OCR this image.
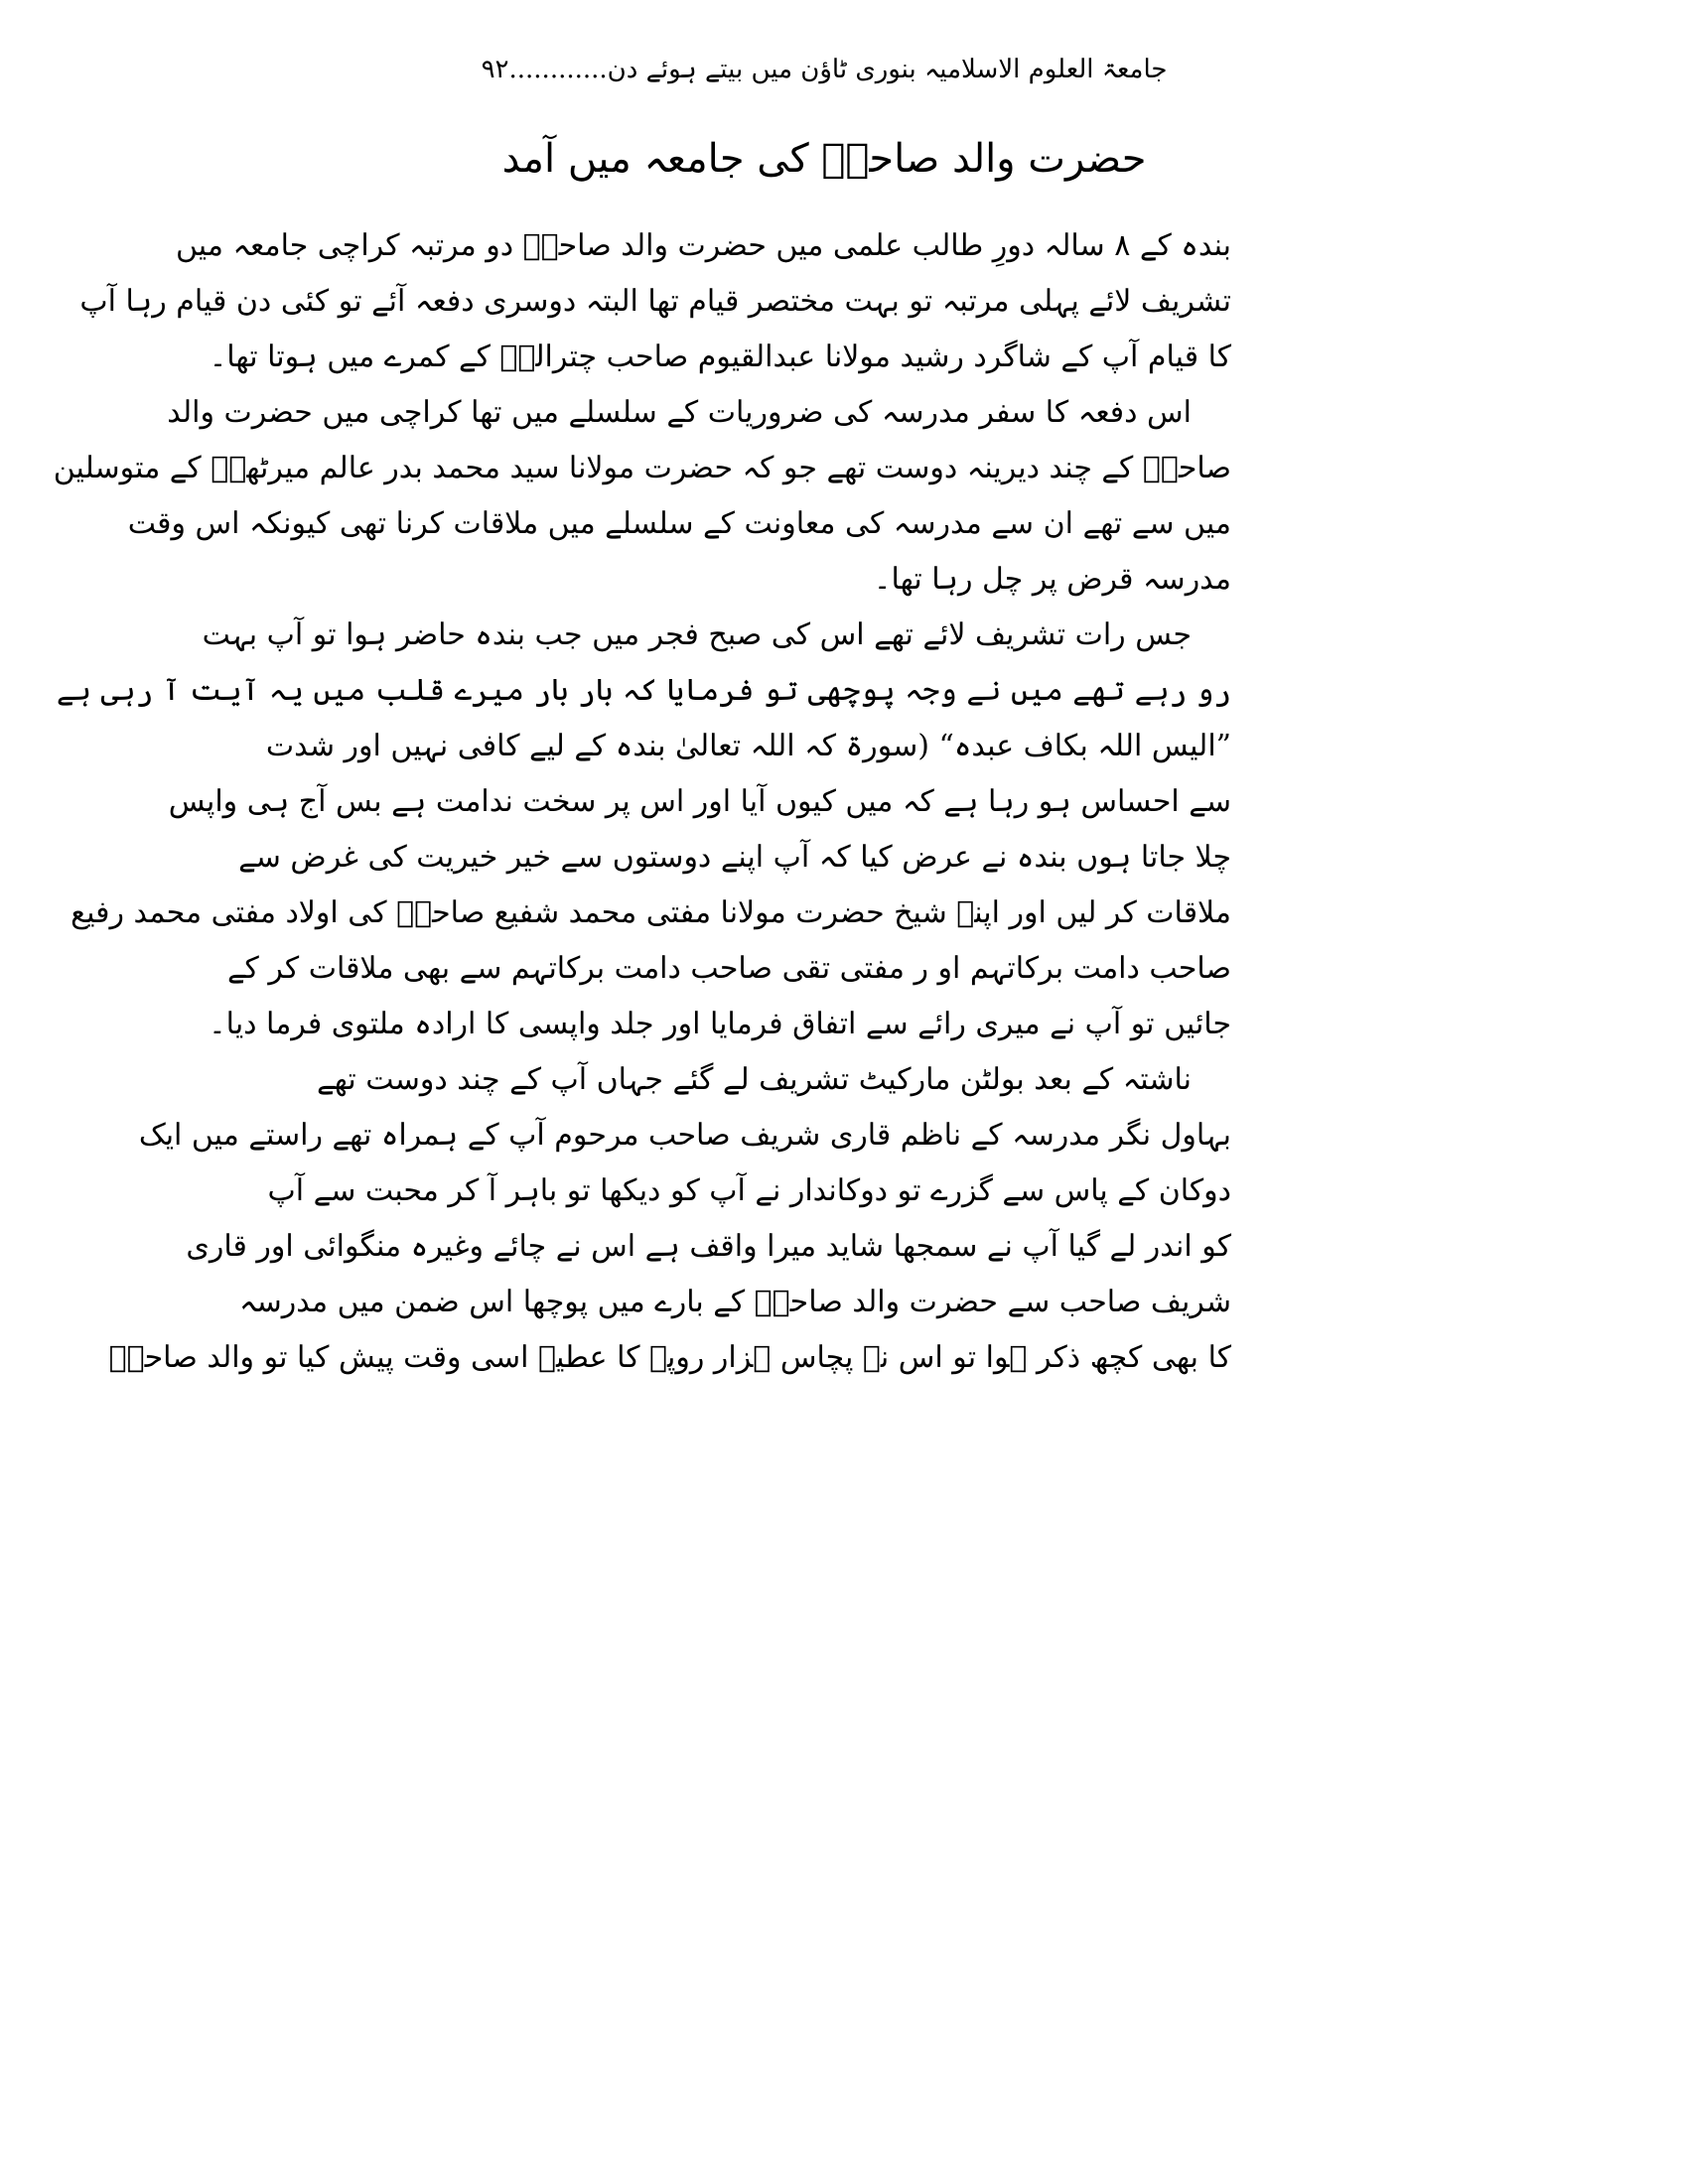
جامعۃ العلوم الاسلامیہ بنوری ٹاؤن میں بیتے ہوئے دن............۹۲
حضرت والد صاحبؒ کی جامعہ میں آمد

بندہ کے ۸ سالہ دورِ طالب علمی میں حضرت والد صاحبؒ دو مرتبہ کراچی جامعہ میں
تشریف لائے پہلی مرتبہ تو بہت مختصر قیام تھا البتہ دوسری دفعہ آئے تو کئی دن قیام رہا آپ
کا قیام آپ کے شاگرد رشید مولانا عبدالقیوم صاحب چترالیؒ کے کمرے میں ہوتا تھا۔

اس دفعہ کا سفر مدرسہ کی ضروریات کے سلسلے میں تھا کراچی میں حضرت والد
صاحبؒ کے چند دیرینہ دوست تھے جو کہ حضرت مولانا سید محمد بدر عالم میرٹھیؒ کے متوسلین
میں سے تھے ان سے مدرسہ کی معاونت کے سلسلے میں ملاقات کرنا تھی کیونکہ اس وقت
مدرسہ قرض پر چل رہا تھا۔

جس رات تشریف لائے تھے اس کی صبح فجر میں جب بندہ حاضر ہوا تو آپ بہت
رو رہے تھے میں نے وجہ پوچھی تو فرمایا کہ بار بار میرے قلب میں یہ آیت آ رہی ہے
”الیس اللہ بکاف عبدہ“ (سورۃ کہ اللہ تعالیٰ بندہ کے لیے کافی نہیں اور شدت
سے احساس ہو رہا ہے کہ میں کیوں آیا اور اس پر سخت ندامت ہے بس آج ہی واپس
چلا جاتا ہوں بندہ نے عرض کیا کہ آپ اپنے دوستوں سے خیر خیریت کی غرض سے
ملاقات کر لیں اور اپنے شیخ حضرت مولانا مفتی محمد شفیع صاحبؒ کی اولاد مفتی محمد رفیع
صاحب دامت برکاتہم او ر مفتی تقی صاحب دامت برکاتہم سے بھی ملاقات کر کے
جائیں تو آپ نے میری رائے سے اتفاق فرمایا اور جلد واپسی کا ارادہ ملتوی فرما دیا۔

ناشتہ کے بعد بولٹن مارکیٹ تشریف لے گئے جہاں آپ کے چند دوست تھے
بہاول نگر مدرسہ کے ناظم قاری شریف صاحب مرحوم آپ کے ہمراہ تھے راستے میں ایک
دوکان کے پاس سے گزرے تو دوکاندار نے آپ کو دیکھا تو باہر آ کر محبت سے آپ
کو اندر لے گیا آپ نے سمجھا شاید میرا واقف ہے اس نے چائے وغیرہ منگوائی اور قاری
شریف صاحب سے حضرت والد صاحبؒ کے بارے میں پوچھا اس ضمن میں مدرسہ
کا بھی کچھ ذکر ہوا تو اس نے پچاس ہزار روپے کا عطیہ اسی وقت پیش کیا تو والد صاحبؒ
